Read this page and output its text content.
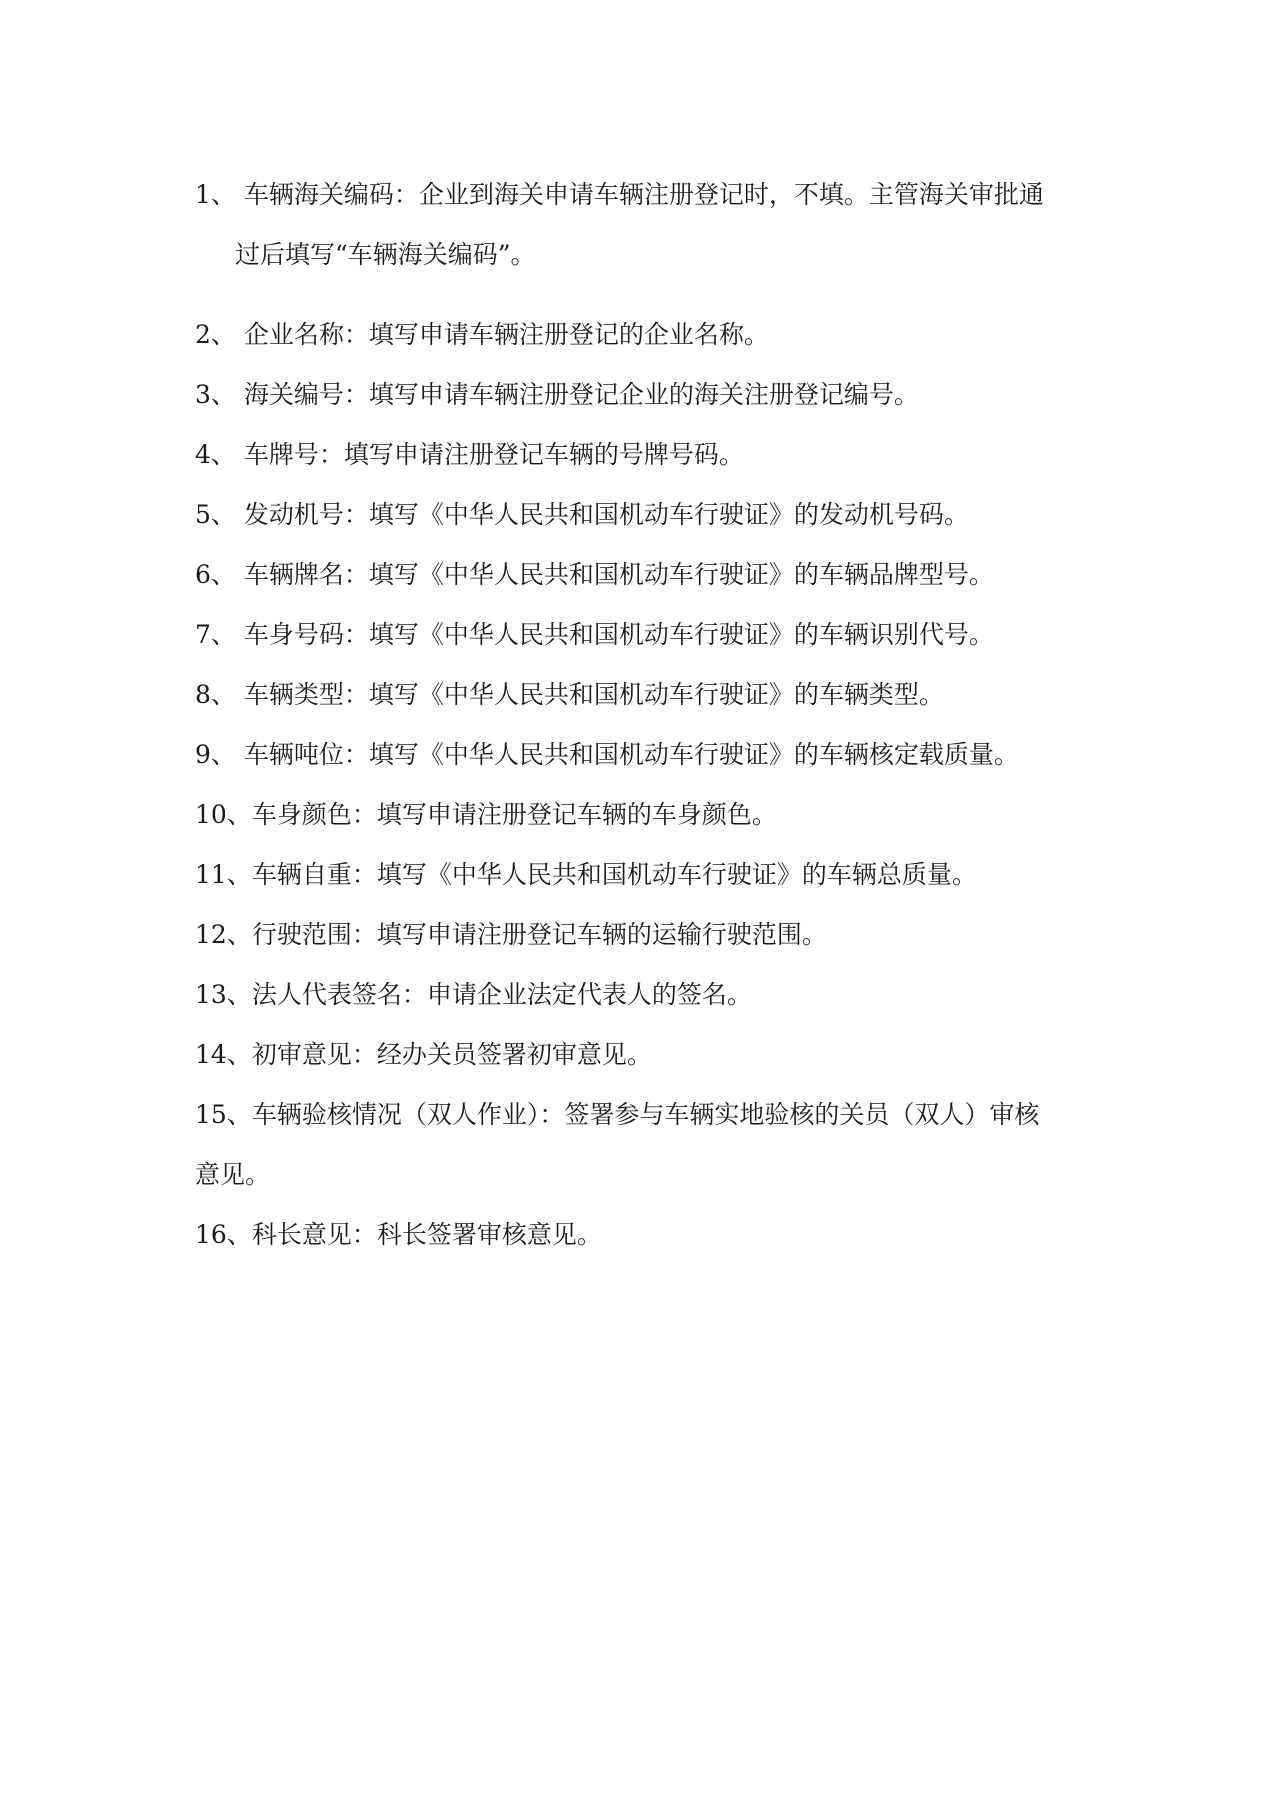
1、 车辆海关编码：企业到海关申请车辆注册登记时，不填。主管海关审批通
过后填写“车辆海关编码”。
2、 企业名称：填写申请车辆注册登记的企业名称。
3、 海关编号：填写申请车辆注册登记企业的海关注册登记编号。
4、 车牌号：填写申请注册登记车辆的号牌号码。
5、 发动机号：填写《中华人民共和国机动车行驶证》的发动机号码。
6、 车辆牌名：填写《中华人民共和国机动车行驶证》的车辆品牌型号。
7、 车身号码：填写《中华人民共和国机动车行驶证》的车辆识别代号。
8、 车辆类型：填写《中华人民共和国机动车行驶证》的车辆类型。
9、 车辆吨位：填写《中华人民共和国机动车行驶证》的车辆核定载质量。
10、车身颜色：填写申请注册登记车辆的车身颜色。
11、车辆自重：填写《中华人民共和国机动车行驶证》的车辆总质量。
12、行驶范围：填写申请注册登记车辆的运输行驶范围。
13、法人代表签名：申请企业法定代表人的签名。
14、初审意见：经办关员签署初审意见。
15、车辆验核情况（双人作业）：签署参与车辆实地验核的关员（双人）审核
意见。
16、科长意见：科长签署审核意见。
